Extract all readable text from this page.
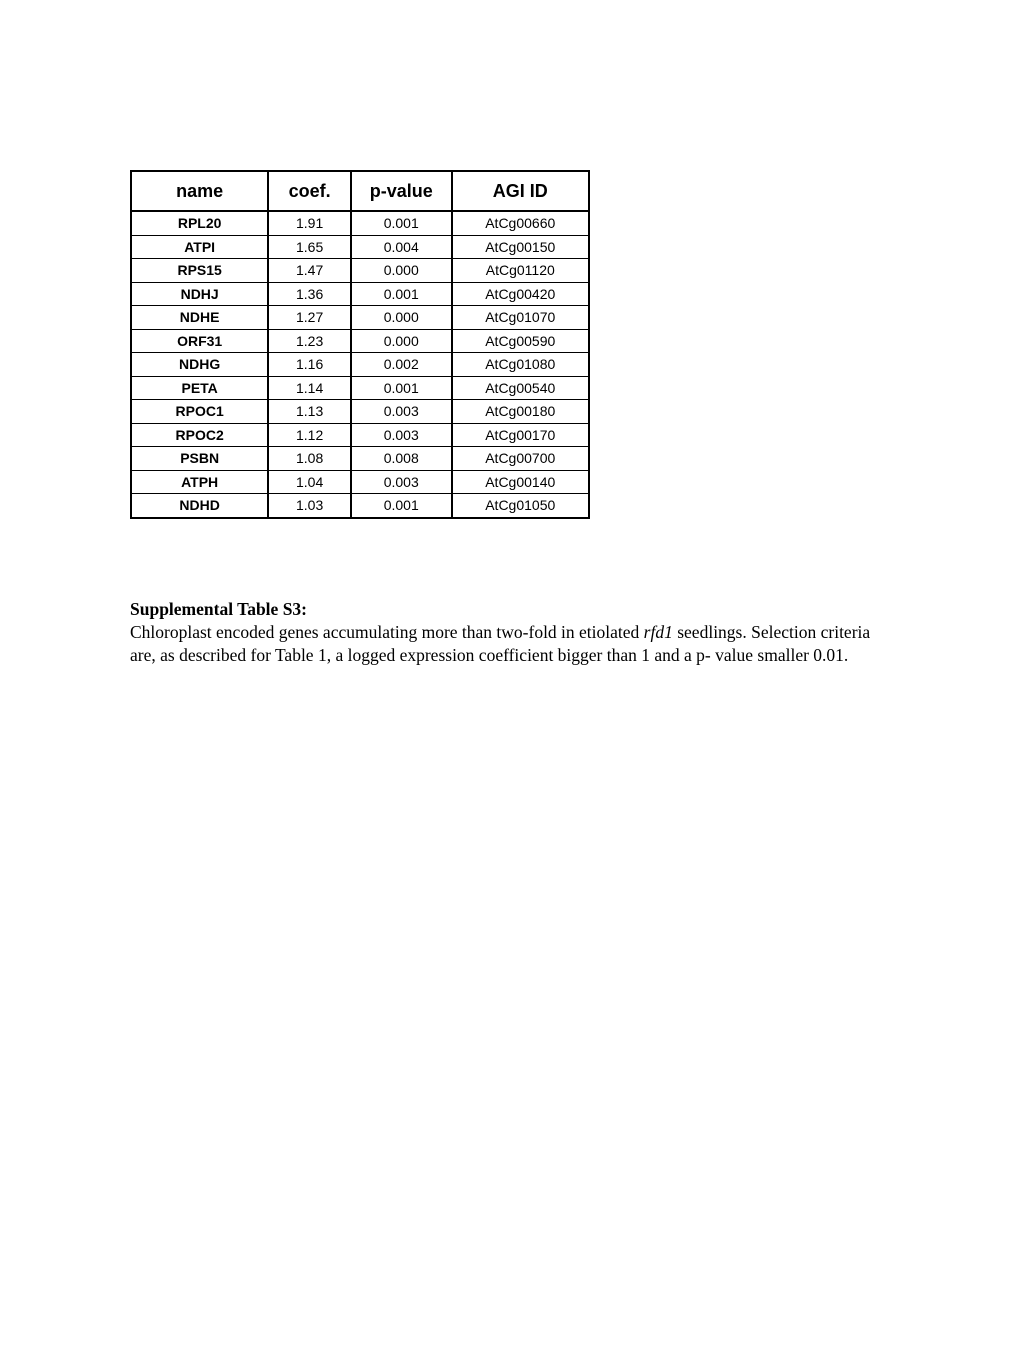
name	coef.	p-value	AGI ID
RPL20	1.91	0.001	AtCg00660
ATPI	1.65	0.004	AtCg00150
RPS15	1.47	0.000	AtCg01120
NDHJ	1.36	0.001	AtCg00420
NDHE	1.27	0.000	AtCg01070
ORF31	1.23	0.000	AtCg00590
NDHG	1.16	0.002	AtCg01080
PETA	1.14	0.001	AtCg00540
RPOC1	1.13	0.003	AtCg00180
RPOC2	1.12	0.003	AtCg00170
PSBN	1.08	0.008	AtCg00700
ATPH	1.04	0.003	AtCg00140
NDHD	1.03	0.001	AtCg01050
Supplemental Table S3:
Chloroplast encoded genes accumulating more than two-fold in etiolated rfd1 seedlings. Selection criteria are, as described for Table 1, a logged expression coefficient bigger than 1 and a p- value smaller 0.01.
